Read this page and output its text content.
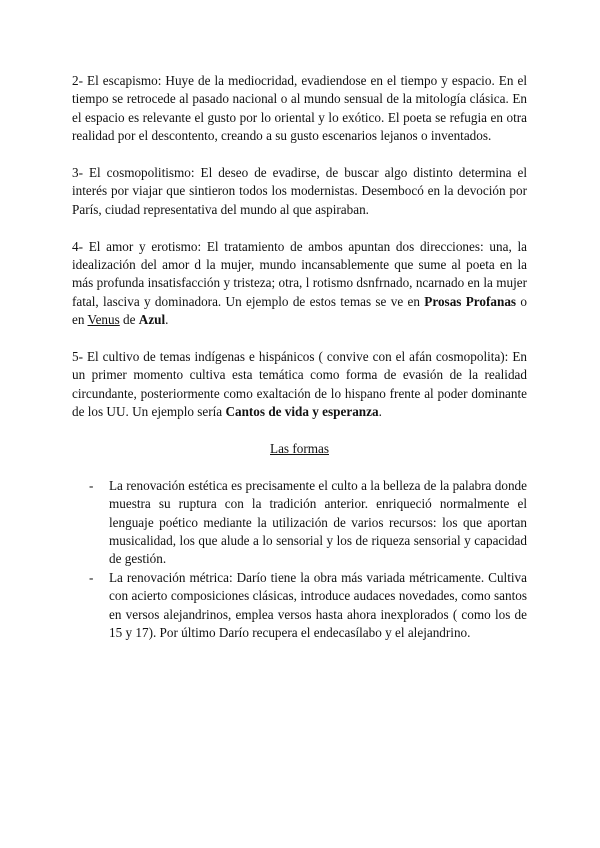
2- El escapismo: Huye de la mediocridad, evadiendose en el tiempo y espacio. En el tiempo se retrocede al pasado nacional o al mundo sensual de la mitología clásica. En el espacio es relevante el gusto por lo oriental y lo exótico. El poeta se refugia en otra realidad por el descontento, creando a su gusto escenarios lejanos o inventados.

3- El cosmopolitismo: El deseo de evadirse, de buscar algo distinto determina el interés por viajar que sintieron todos los modernistas. Desembocó en la devoción por París, ciudad representativa del mundo al que aspiraban.

4- El amor y erotismo: El tratamiento de ambos apuntan dos direcciones: una, la idealización del amor d la mujer, mundo incansablemente que sume al poeta en la más profunda insatisfacción y tristeza; otra, l rotismo dsnfrnado, ncarnado en la mujer fatal, lasciva y dominadora. Un ejemplo de estos temas se ve en Prosas Profanas o en Venus de Azul.

5- El cultivo de temas indígenas e hispánicos ( convive con el afán cosmopolita): En un primer momento cultiva esta temática como forma de evasión de la realidad circundante, posteriormente como exaltación de lo hispano frente al poder dominante de los UU. Un ejemplo sería Cantos de vida y esperanza.

Las formas

- La renovación estética es precisamente el culto a la belleza de la palabra donde muestra su ruptura con la tradición anterior. enriqueció normalmente el lenguaje poético mediante la utilización de varios recursos: los que aportan musicalidad, los que alude a lo sensorial y los de riqueza sensorial y capacidad de gestión.
- La renovación métrica: Darío tiene la obra más variada métricamente. Cultiva con acierto composiciones clásicas, introduce audaces novedades, como santos en versos alejandrinos, emplea versos hasta ahora inexplorados ( como los de 15 y 17). Por último Darío recupera el endecasílabo y el alejandrino.
